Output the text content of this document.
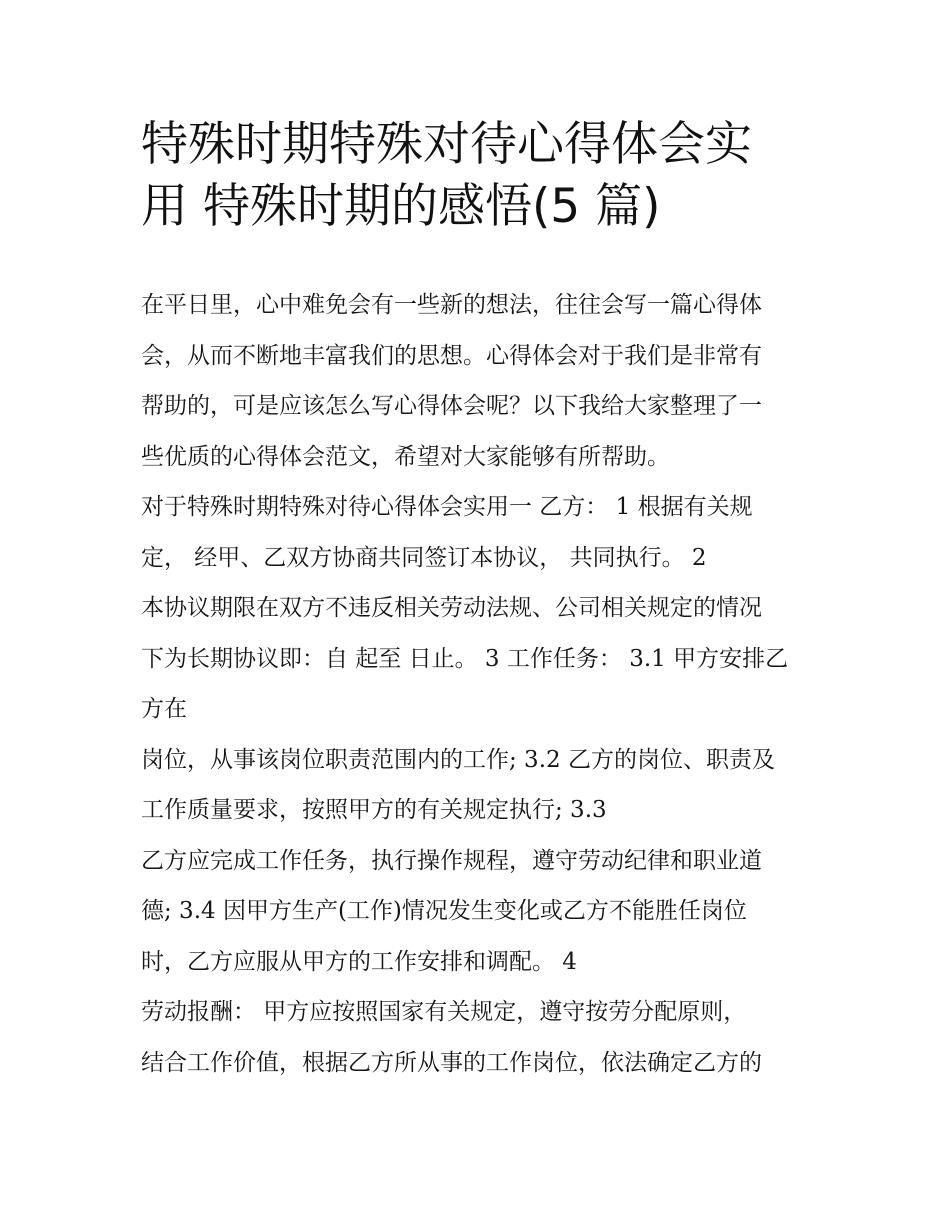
特殊时期特殊对待心得体会实
用 特殊时期的感悟(5 篇)
在平日里，心中难免会有一些新的想法，往往会写一篇心得体
会，从而不断地丰富我们的思想。心得体会对于我们是非常有
帮助的，可是应该怎么写心得体会呢？以下我给大家整理了一
些优质的心得体会范文，希望对大家能够有所帮助。
对于特殊时期特殊对待心得体会实用一 乙方： 1 根据有关规
定， 经甲、乙双方协商共同签订本协议， 共同执行。 2
本协议期限在双方不违反相关劳动法规、公司相关规定的情况
下为长期协议即：自 起至 日止。 3 工作任务： 3.1 甲方安排乙
方在
岗位，从事该岗位职责范围内的工作; 3.2 乙方的岗位、职责及
工作质量要求，按照甲方的有关规定执行; 3.3
乙方应完成工作任务，执行操作规程，遵守劳动纪律和职业道
德; 3.4 因甲方生产(工作)情况发生变化或乙方不能胜任岗位
时，乙方应服从甲方的工作安排和调配。 4
劳动报酬： 甲方应按照国家有关规定，遵守按劳分配原则，
结合工作价值，根据乙方所从事的工作岗位，依法确定乙方的
